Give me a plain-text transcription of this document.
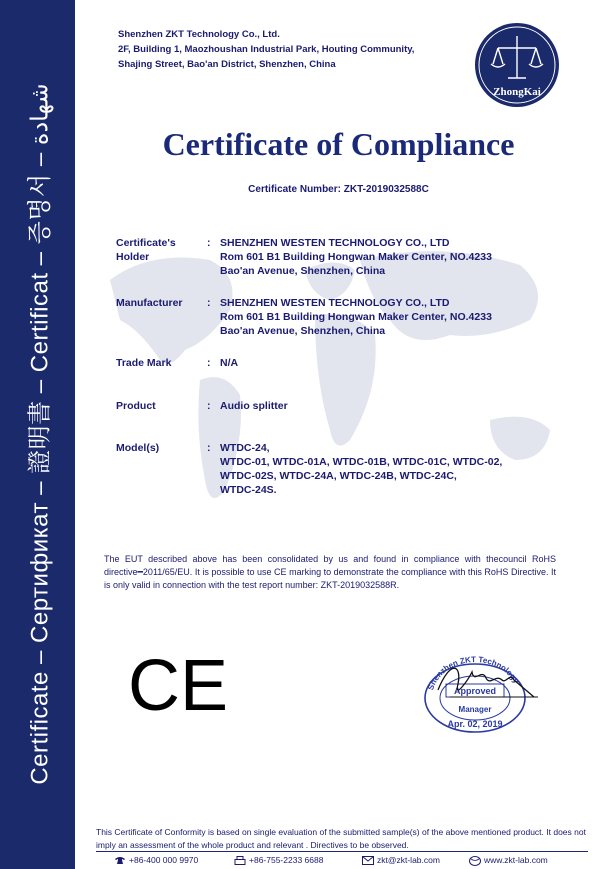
Certificate – Сертификат – 證明書 – Certificat – 증명서 – شهادة
Shenzhen ZKT Technology Co., Ltd.
2F, Building 1, Maozhoushan Industrial Park, Houting Community,
Shajing Street, Bao'an District, Shenzhen, China
ZhongKai
Certificate of Compliance
Certificate Number: ZKT-2019032588C
Certificate's
Holder
: SHENZHEN WESTEN TECHNOLOGY CO., LTD
Rom 601 B1 Building Hongwan Maker Center, NO.4233
Bao'an Avenue, Shenzhen, China
Manufacturer	: SHENZHEN WESTEN TECHNOLOGY CO., LTD
Rom 601 B1 Building Hongwan Maker Center, NO.4233
Bao'an Avenue, Shenzhen, China
Trade Mark	: N/A
Product	: Audio splitter
Model(s)	: WTDC-24,
WTDC-01, WTDC-01A, WTDC-01B, WTDC-01C, WTDC-02,
WTDC-02S, WTDC-24A, WTDC-24B, WTDC-24C,
WTDC-24S.
The EUT described above has been consolidated by us and found in compliance with thecouncil RoHS directive━2011/65/EU. It is possible to use CE marking to demonstrate the compliance with this RoHS Directive. It is only valid in connection with the test report number: ZKT-2019032588R.
CE	Shenzhen ZKT Technology
Approved
Manager
Apr. 02, 2019
This Certificate of Conformity is based on single evaluation of the submitted sample(s) of the above mentioned product. It does not imply an assessment of the whole product and relevant . Directives to be observed.
+86-400 000 9970	+86-755-2233 6688	zkt@zkt-lab.com	www.zkt-lab.com
